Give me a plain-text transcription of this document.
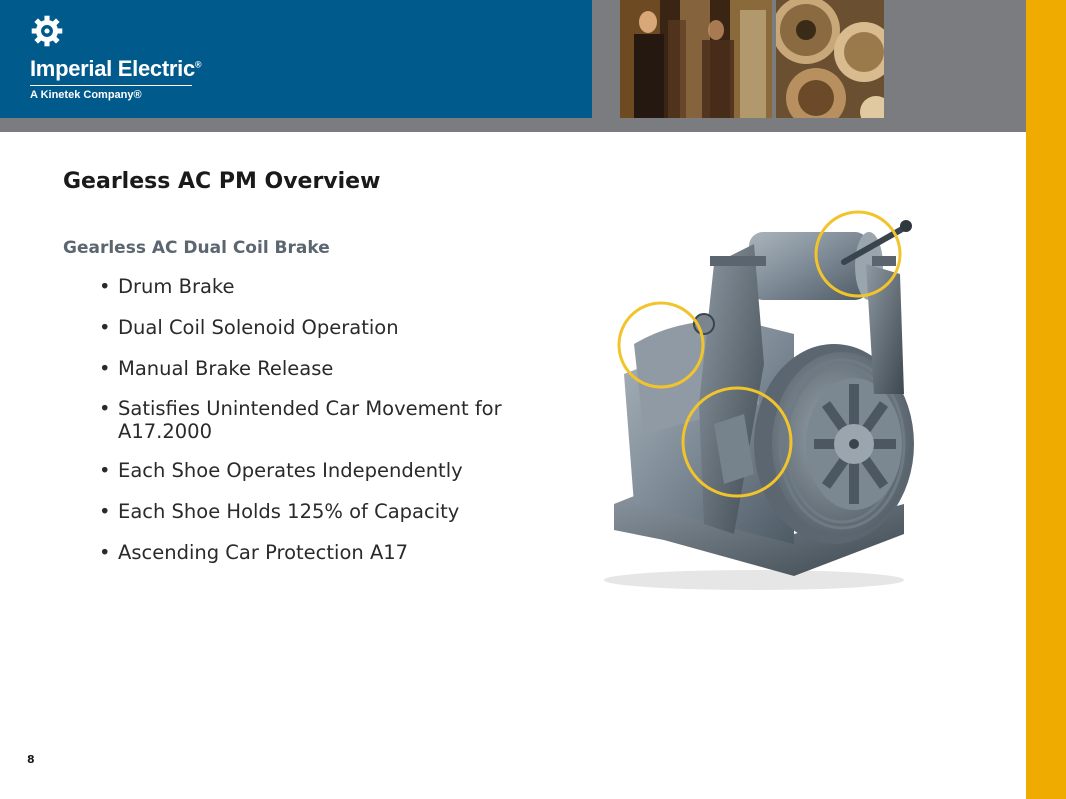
Imperial Electric®
A Kinetek Company®
Gearless AC PM Overview
Gearless AC Dual Coil Brake
• Drum Brake
• Dual Coil Solenoid Operation
• Manual Brake Release
• Satisfies Unintended Car Movement for A17.2000
• Each Shoe Operates Independently
• Each Shoe Holds 125% of Capacity
• Ascending Car Protection A17
8
